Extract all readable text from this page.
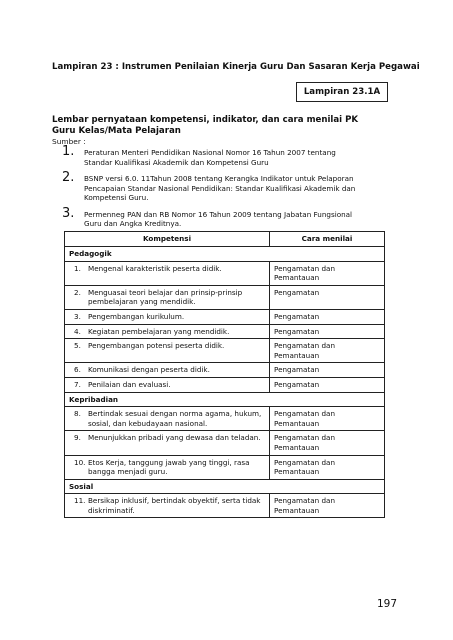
Lampiran 23 : Instrumen Penilaian Kinerja Guru Dan Sasaran Kerja Pegawai
Lampiran 23.1A
Lembar pernyataan kompetensi, indikator, dan cara menilai PK Guru Kelas/Mata Pelajaran
Sumber :
1.	Peraturan Menteri Pendidikan Nasional Nomor 16 Tahun 2007 tentang Standar Kualifikasi Akademik dan Kompetensi Guru
2.	BSNP versi 6.0. 11Tahun 2008 tentang Kerangka Indikator untuk Pelaporan Pencapaian Standar Nasional Pendidikan: Standar Kualifikasi Akademik dan Kompetensi Guru.
3.	Permenneg PAN dan RB Nomor 16 Tahun 2009 tentang Jabatan Fungsional Guru dan Angka Kreditnya.
Kompetensi	Cara menilai
Pedagogik	

1. Mengenal karakteristik peserta didik.	Pengamatan dan Pemantauan

2. Menguasai teori belajar dan prinsip-prinsip pembelajaran yang mendidik.	Pengamatan

3. Pengembangan kurikulum.	Pengamatan

4. Kegiatan pembelajaran yang mendidik.	Pengamatan

5. Pengembangan potensi peserta didik.	Pengamatan dan Pemantauan

6. Komunikasi dengan peserta didik.	Pengamatan

7. Penilaian dan evaluasi.	Pengamatan
Kepribadian	

8. Bertindak sesuai dengan norma agama, hukum, sosial, dan kebudayaan nasional.	Pengamatan dan Pemantauan

9. Menunjukkan pribadi yang dewasa dan teladan.	Pengamatan dan Pemantauan

10. Etos Kerja, tanggung jawab yang tinggi, rasa bangga menjadi guru.	Pengamatan dan Pemantauan
Sosial	

11. Bersikap inklusif, bertindak obyektif, serta tidak diskriminatif.	Pengamatan dan Pemantauan
197
